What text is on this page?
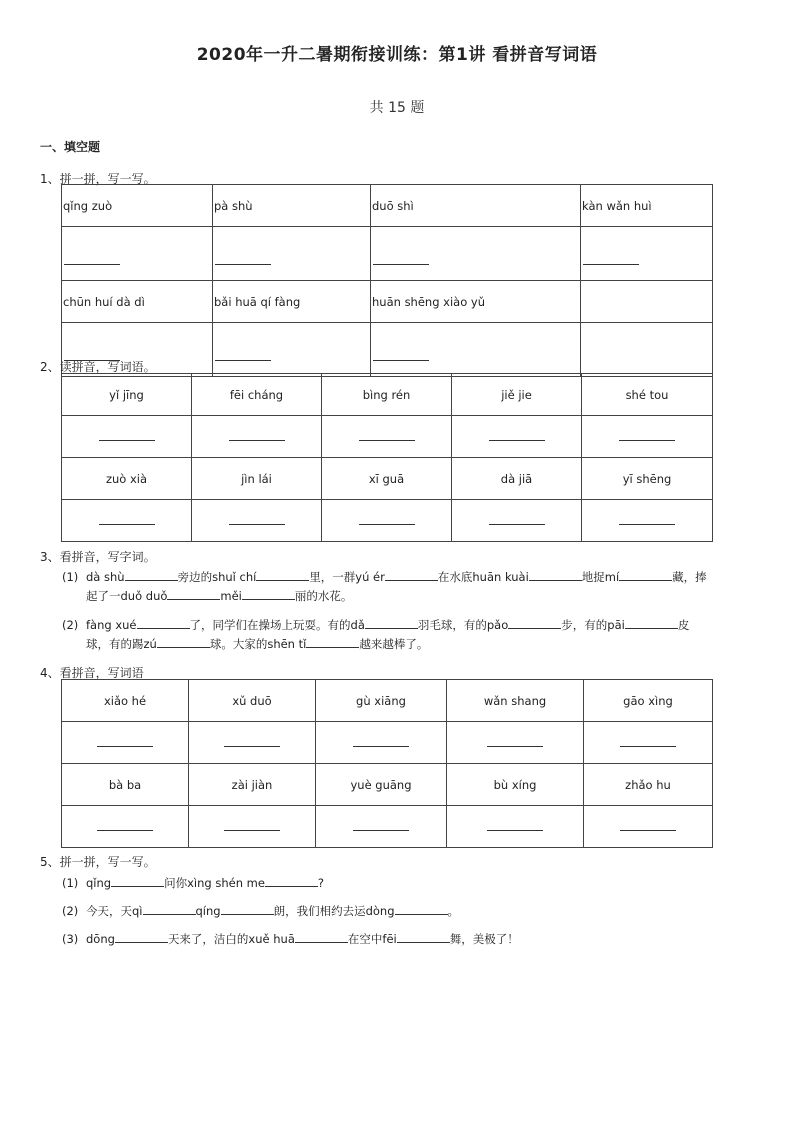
2020年一升二暑期衔接训练：第1讲 看拼音写词语
共 15 题
一、填空题
1、拼一拼，写一写。
qǐng zuò	pà shù	duō shì	kàn wǎn huì

chūn huí dà dì	bǎi huā qí fàng	huān shēng xiào yǔ	

2、读拼音，写词语。
yǐ jīng	fēi cháng	bìng rén	jiě jie	shé tou

zuò xià	jìn lái	xī guā	dà jiā	yī shēng

3、看拼音，写字词。
(1) dà shù	旁边的shuǐ chí	里，一群yú ér	在水底huān kuài	地捉mí	藏，捧起了一duǒ duǒ	měi	丽的水花。
(2) fàng xué	了，同学们在操场上玩耍。有的dǎ	羽毛球，有的pǎo	步，有的pāi	皮球，有的踢zú	球。大家的shēn tǐ	越来越棒了。
4、看拼音，写词语
xiǎo hé	xǔ duō	gù xiāng	wǎn shang	gāo xìng

bà ba	zài jiàn	yuè guāng	bù xíng	zhǎo hu

5、拼一拼，写一写。
(1) qǐng	问你xìng shén me	?
(2) 今天，天qì	qíng	朗，我们相约去运dòng	。
(3) dōng	天来了，洁白的xuě huā	在空中fēi	舞，美极了！
